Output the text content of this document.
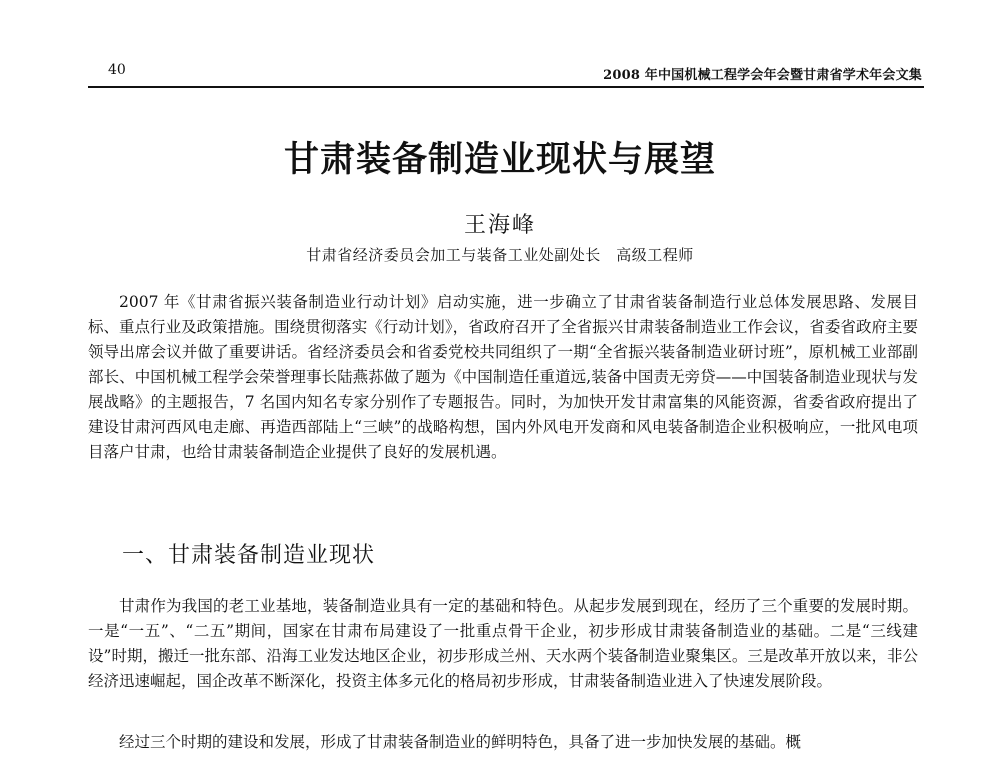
40	2008 年中国机械工程学会年会暨甘肃省学术年会文集
甘肃装备制造业现状与展望
王海峰
甘肃省经济委员会加工与装备工业处副处长　高级工程师

2007 年《甘肃省振兴装备制造业行动计划》启动实施，进一步确立了甘肃省装备制造行业总体发展思路、发展目标、重点行业及政策措施。围绕贯彻落实《行动计划》，省政府召开了全省振兴甘肃装备制造业工作会议，省委省政府主要领导出席会议并做了重要讲话。省经济委员会和省委党校共同组织了一期“全省振兴装备制造业研讨班”，原机械工业部副部长、中国机械工程学会荣誉理事长陆燕荪做了题为《中国制造任重道远,装备中国责无旁贷——中国装备制造业现状与发展战略》的主题报告，7 名国内知名专家分别作了专题报告。同时，为加快开发甘肃富集的风能资源，省委省政府提出了建设甘肃河西风电走廊、再造西部陆上“三峡”的战略构想，国内外风电开发商和风电装备制造企业积极响应，一批风电项目落户甘肃，也给甘肃装备制造企业提供了良好的发展机遇。

一、甘肃装备制造业现状

甘肃作为我国的老工业基地，装备制造业具有一定的基础和特色。从起步发展到现在，经历了三个重要的发展时期。一是“一五”、“二五”期间，国家在甘肃布局建设了一批重点骨干企业，初步形成甘肃装备制造业的基础。二是“三线建设”时期，搬迁一批东部、沿海工业发达地区企业，初步形成兰州、天水两个装备制造业聚集区。三是改革开放以来，非公经济迅速崛起，国企改革不断深化，投资主体多元化的格局初步形成，甘肃装备制造业进入了快速发展阶段。

经过三个时期的建设和发展，形成了甘肃装备制造业的鲜明特色，具备了进一步加快发展的基础。概
